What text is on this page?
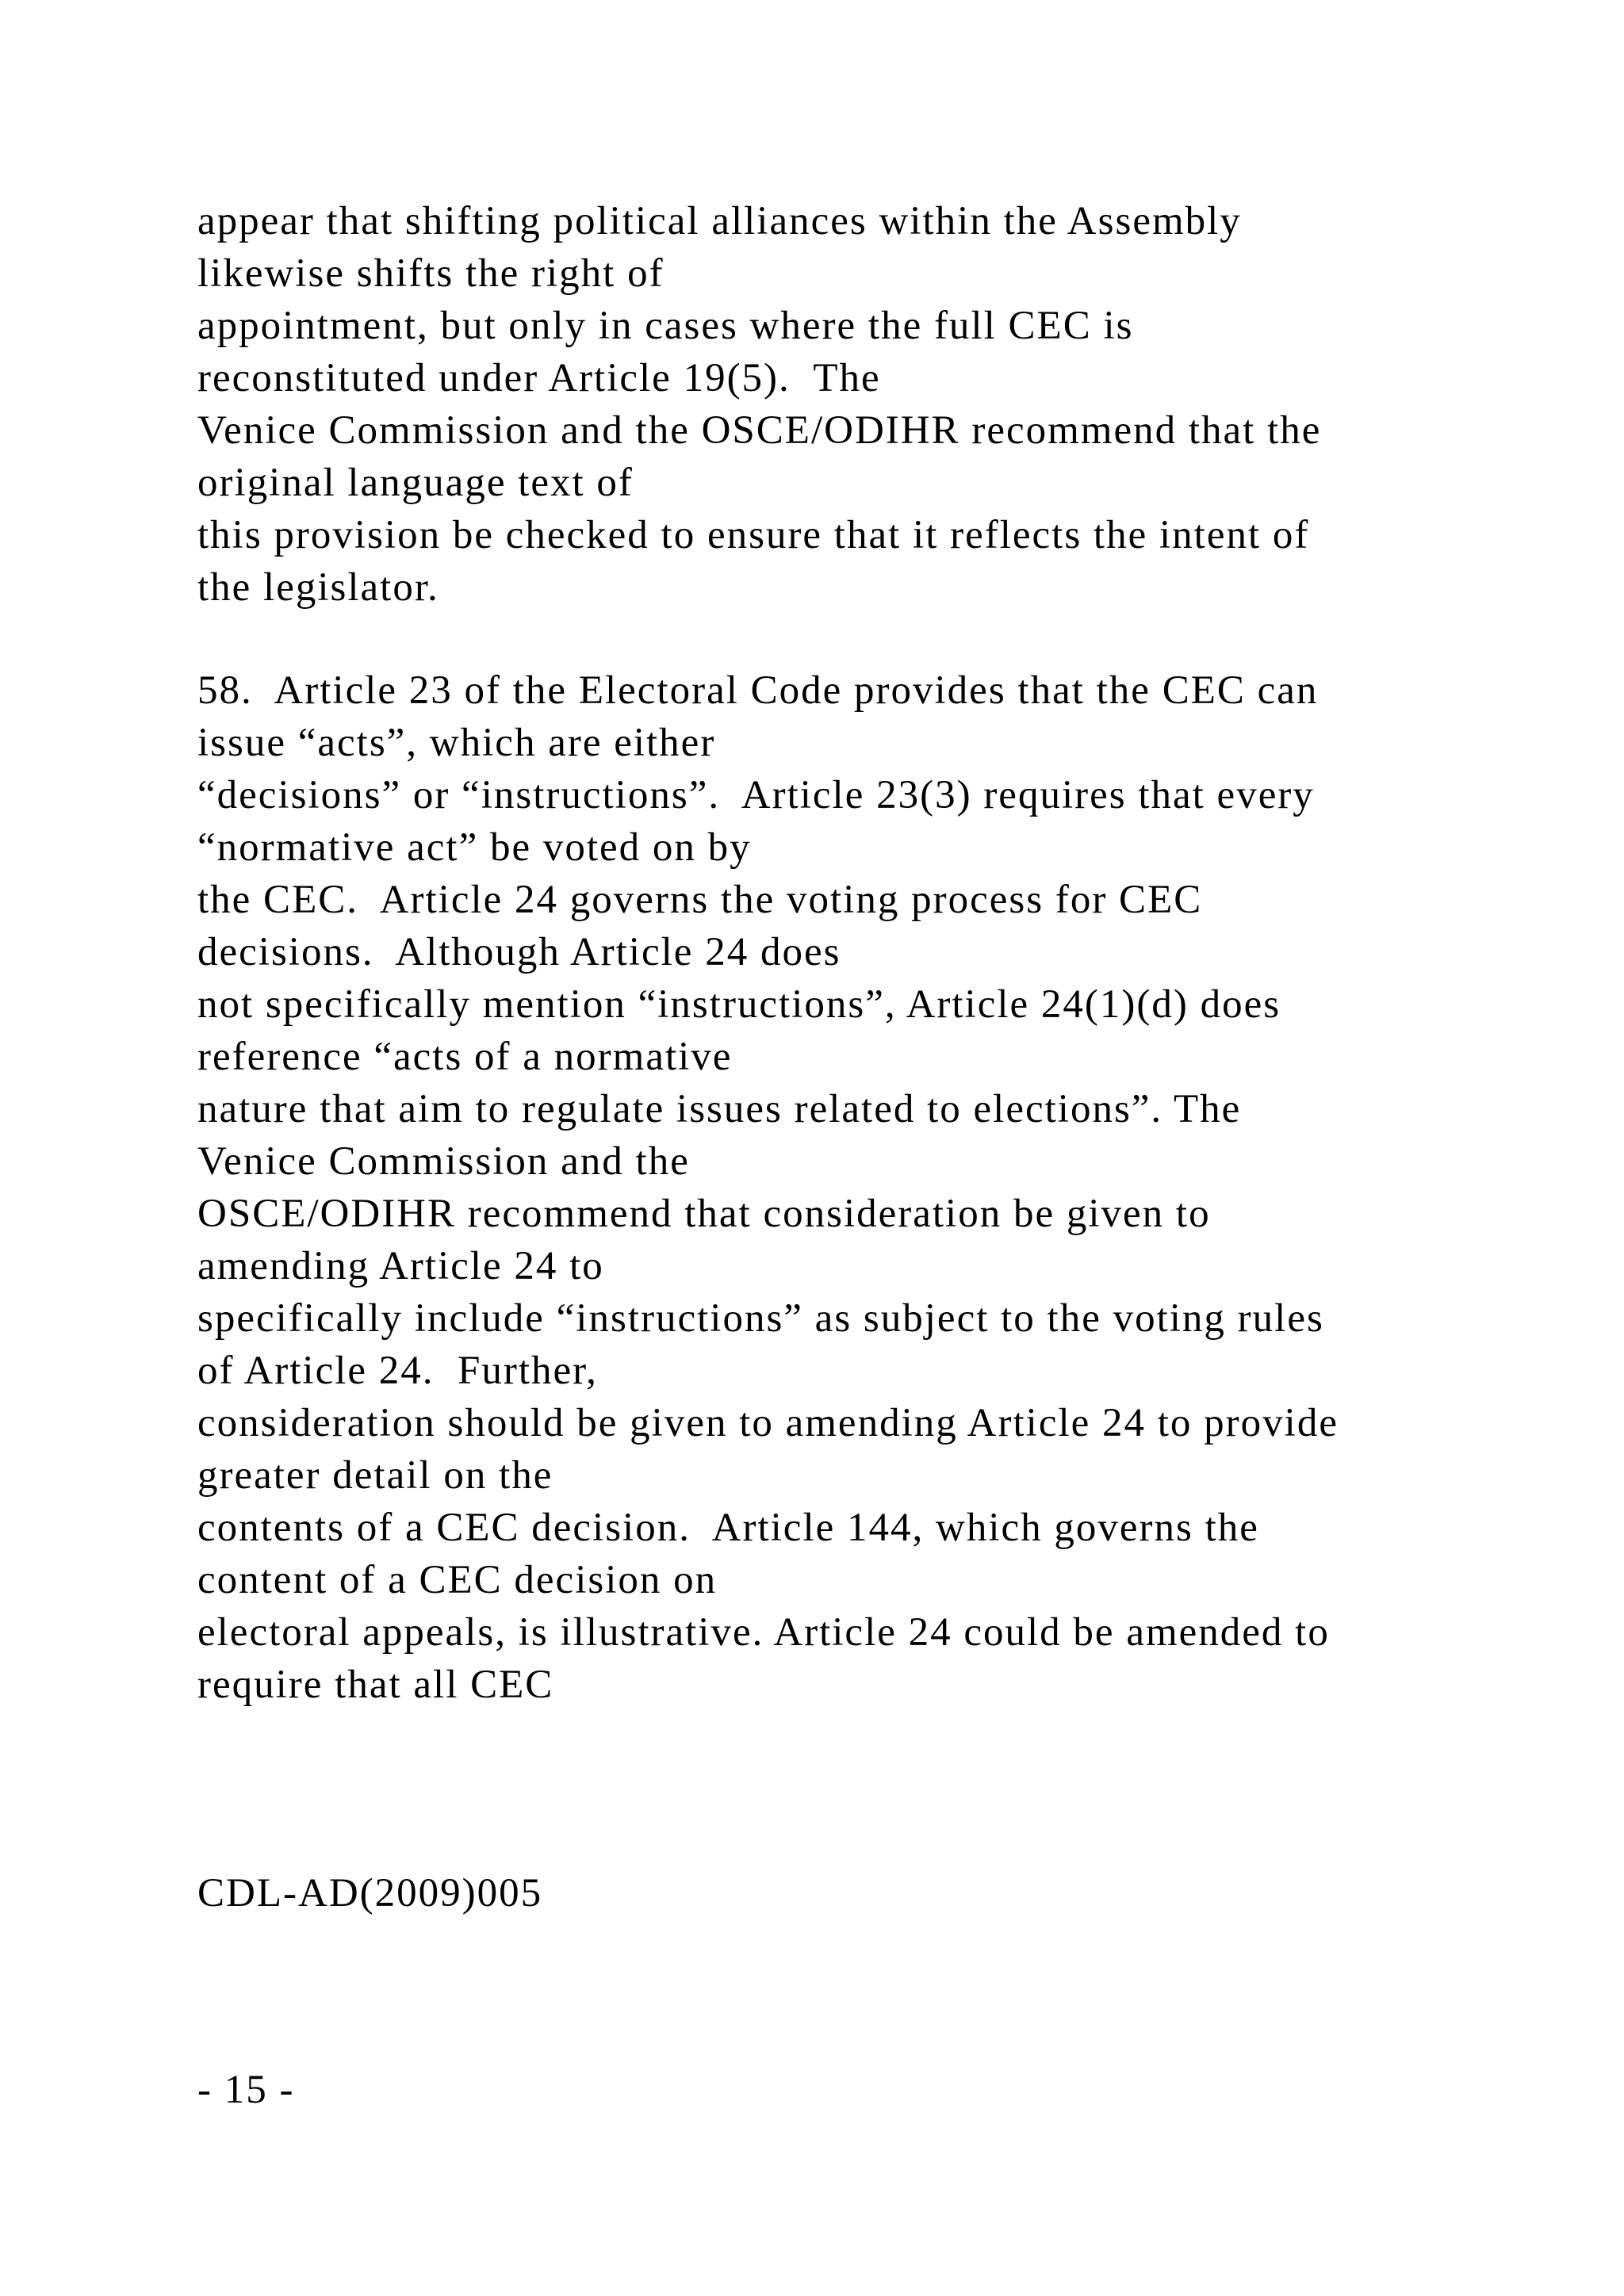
appear that shifting political alliances within the Assembly
likewise shifts the right of
appointment, but only in cases where the full CEC is
reconstituted under Article 19(5).  The
Venice Commission and the OSCE/ODIHR recommend that the
original language text of
this provision be checked to ensure that it reflects the intent of
the legislator.
58.  Article 23 of the Electoral Code provides that the CEC can
issue “acts”, which are either
“decisions” or “instructions”.  Article 23(3) requires that every
“normative act” be voted on by
the CEC.  Article 24 governs the voting process for CEC
decisions.  Although Article 24 does
not specifically mention “instructions”, Article 24(1)(d) does
reference “acts of a normative
nature that aim to regulate issues related to elections”. The
Venice Commission and the
OSCE/ODIHR recommend that consideration be given to
amending Article 24 to
specifically include “instructions” as subject to the voting rules
of Article 24.  Further,
consideration should be given to amending Article 24 to provide
greater detail on the
contents of a CEC decision.  Article 144, which governs the
content of a CEC decision on
electoral appeals, is illustrative. Article 24 could be amended to
require that all CEC
CDL-AD(2009)005
- 15 -
